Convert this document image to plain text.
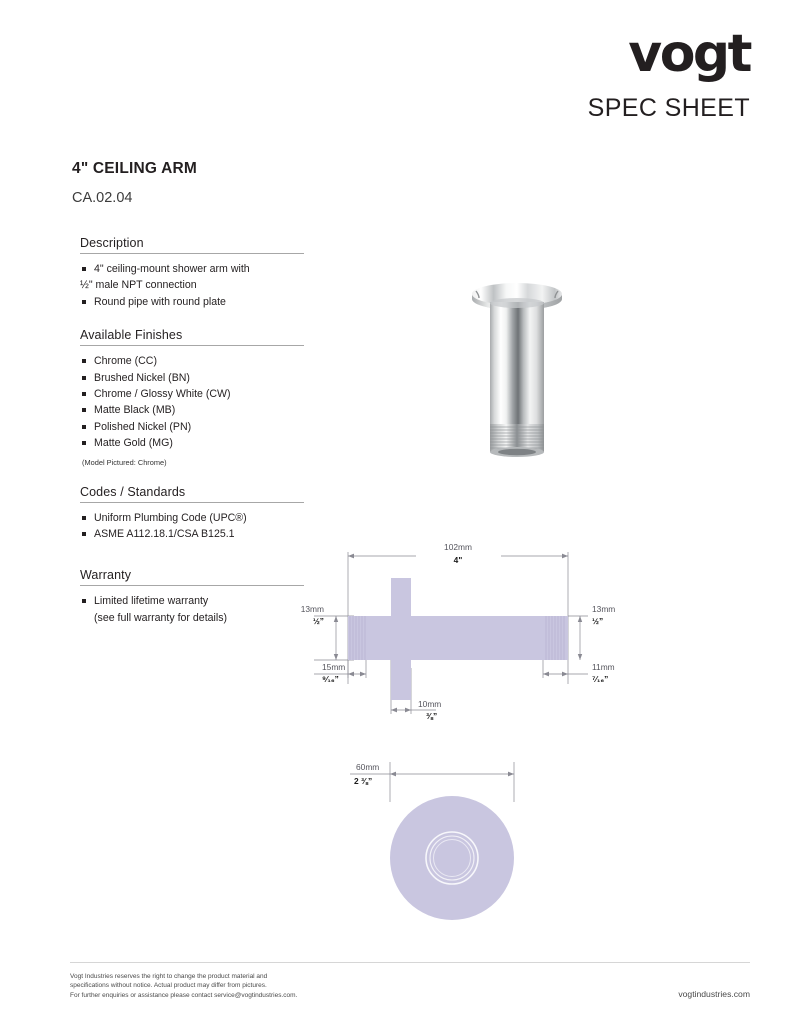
vogt
SPEC SHEET
4" CEILING ARM
CA.02.04
Description
4" ceiling-mount shower arm with
½" male NPT connection
Round pipe with round plate
Available Finishes
Chrome (CC)
Brushed Nickel (BN)
Chrome / Glossy White (CW)
Matte Black (MB)
Polished Nickel (PN)
Matte Gold (MG)
(Model Pictured: Chrome)
Codes / Standards
Uniform Plumbing Code (UPC®)
ASME A112.18.1/CSA B125.1
Warranty
Limited lifetime warranty
(see full warranty for details)
102mm
4"
13mm
½”
13mm
½”
15mm
⁹⁄₁₆”
11mm
⁷⁄₁₆”
10mm
⅜”
60mm
2 ⅜”
Vogt Industries reserves the right to change the product material and
specifications without notice. Actual product may differ from pictures.
For further enquiries or assistance please contact service@vogtindustries.com.	vogtindustries.com
